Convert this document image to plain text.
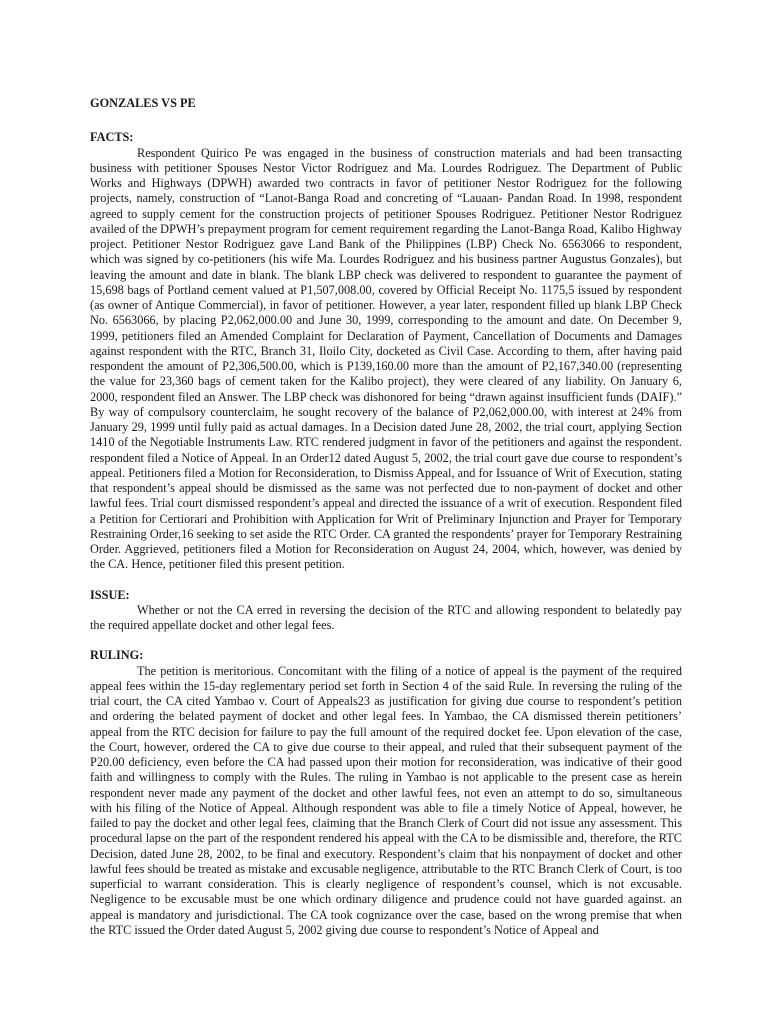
GONZALES VS PE
FACTS:

Respondent Quirico Pe was engaged in the business of construction materials and had been transacting business with petitioner Spouses Nestor Victor Rodriguez and Ma. Lourdes Rodriguez. The Department of Public Works and Highways (DPWH) awarded two contracts in favor of petitioner Nestor Rodriguez for the following projects, namely, construction of “Lanot-Banga Road and concreting of “Lauaan- Pandan Road. In 1998, respondent agreed to supply cement for the construction projects of petitioner Spouses Rodriguez. Petitioner Nestor Rodriguez availed of the DPWH’s prepayment program for cement requirement regarding the Lanot-Banga Road, Kalibo Highway project. Petitioner Nestor Rodriguez gave Land Bank of the Philippines (LBP) Check No. 6563066 to respondent, which was signed by co-petitioners (his wife Ma. Lourdes Rodriguez and his business partner Augustus Gonzales), but leaving the amount and date in blank. The blank LBP check was delivered to respondent to guarantee the payment of 15,698 bags of Portland cement valued at P1,507,008.00, covered by Official Receipt No. 1175,5 issued by respondent (as owner of Antique Commercial), in favor of petitioner. However, a year later, respondent filled up blank LBP Check No. 6563066, by placing P2,062,000.00 and June 30, 1999, corresponding to the amount and date. On December 9, 1999, petitioners filed an Amended Complaint for Declaration of Payment, Cancellation of Documents and Damages against respondent with the RTC, Branch 31, Iloilo City, docketed as Civil Case. According to them, after having paid respondent the amount of P2,306,500.00, which is P139,160.00 more than the amount of P2,167,340.00 (representing the value for 23,360 bags of cement taken for the Kalibo project), they were cleared of any liability. On January 6, 2000, respondent filed an Answer. The LBP check was dishonored for being “drawn against insufficient funds (DAIF).” By way of compulsory counterclaim, he sought recovery of the balance of P2,062,000.00, with interest at 24% from January 29, 1999 until fully paid as actual damages. In a Decision dated June 28, 2002, the trial court, applying Section 1410 of the Negotiable Instruments Law. RTC rendered judgment in favor of the petitioners and against the respondent. respondent filed a Notice of Appeal. In an Order12 dated August 5, 2002, the trial court gave due course to respondent’s appeal. Petitioners filed a Motion for Reconsideration, to Dismiss Appeal, and for Issuance of Writ of Execution, stating that respondent’s appeal should be dismissed as the same was not perfected due to non-payment of docket and other lawful fees. Trial court dismissed respondent’s appeal and directed the issuance of a writ of execution. Respondent filed a Petition for Certiorari and Prohibition with Application for Writ of Preliminary Injunction and Prayer for Temporary Restraining Order,16 seeking to set aside the RTC Order. CA granted the respondents’ prayer for Temporary Restraining Order. Aggrieved, petitioners filed a Motion for Reconsideration on August 24, 2004, which, however, was denied by the CA. Hence, petitioner filed this present petition.

ISSUE:

Whether or not the CA erred in reversing the decision of the RTC and allowing respondent to belatedly pay the required appellate docket and other legal fees.

RULING:

The petition is meritorious. Concomitant with the filing of a notice of appeal is the payment of the required appeal fees within the 15-day reglementary period set forth in Section 4 of the said Rule. In reversing the ruling of the trial court, the CA cited Yambao v. Court of Appeals23 as justification for giving due course to respondent’s petition and ordering the belated payment of docket and other legal fees. In Yambao, the CA dismissed therein petitioners’ appeal from the RTC decision for failure to pay the full amount of the required docket fee. Upon elevation of the case, the Court, however, ordered the CA to give due course to their appeal, and ruled that their subsequent payment of the P20.00 deficiency, even before the CA had passed upon their motion for reconsideration, was indicative of their good faith and willingness to comply with the Rules. The ruling in Yambao is not applicable to the present case as herein respondent never made any payment of the docket and other lawful fees, not even an attempt to do so, simultaneous with his filing of the Notice of Appeal. Although respondent was able to file a timely Notice of Appeal, however, he failed to pay the docket and other legal fees, claiming that the Branch Clerk of Court did not issue any assessment. This procedural lapse on the part of the respondent rendered his appeal with the CA to be dismissible and, therefore, the RTC Decision, dated June 28, 2002, to be final and executory. Respondent’s claim that his nonpayment of docket and other lawful fees should be treated as mistake and excusable negligence, attributable to the RTC Branch Clerk of Court, is too superficial to warrant consideration. This is clearly negligence of respondent’s counsel, which is not excusable. Negligence to be excusable must be one which ordinary diligence and prudence could not have guarded against. an appeal is mandatory and jurisdictional. The CA took cognizance over the case, based on the wrong premise that when the RTC issued the Order dated August 5, 2002 giving due course to respondent’s Notice of Appeal and
